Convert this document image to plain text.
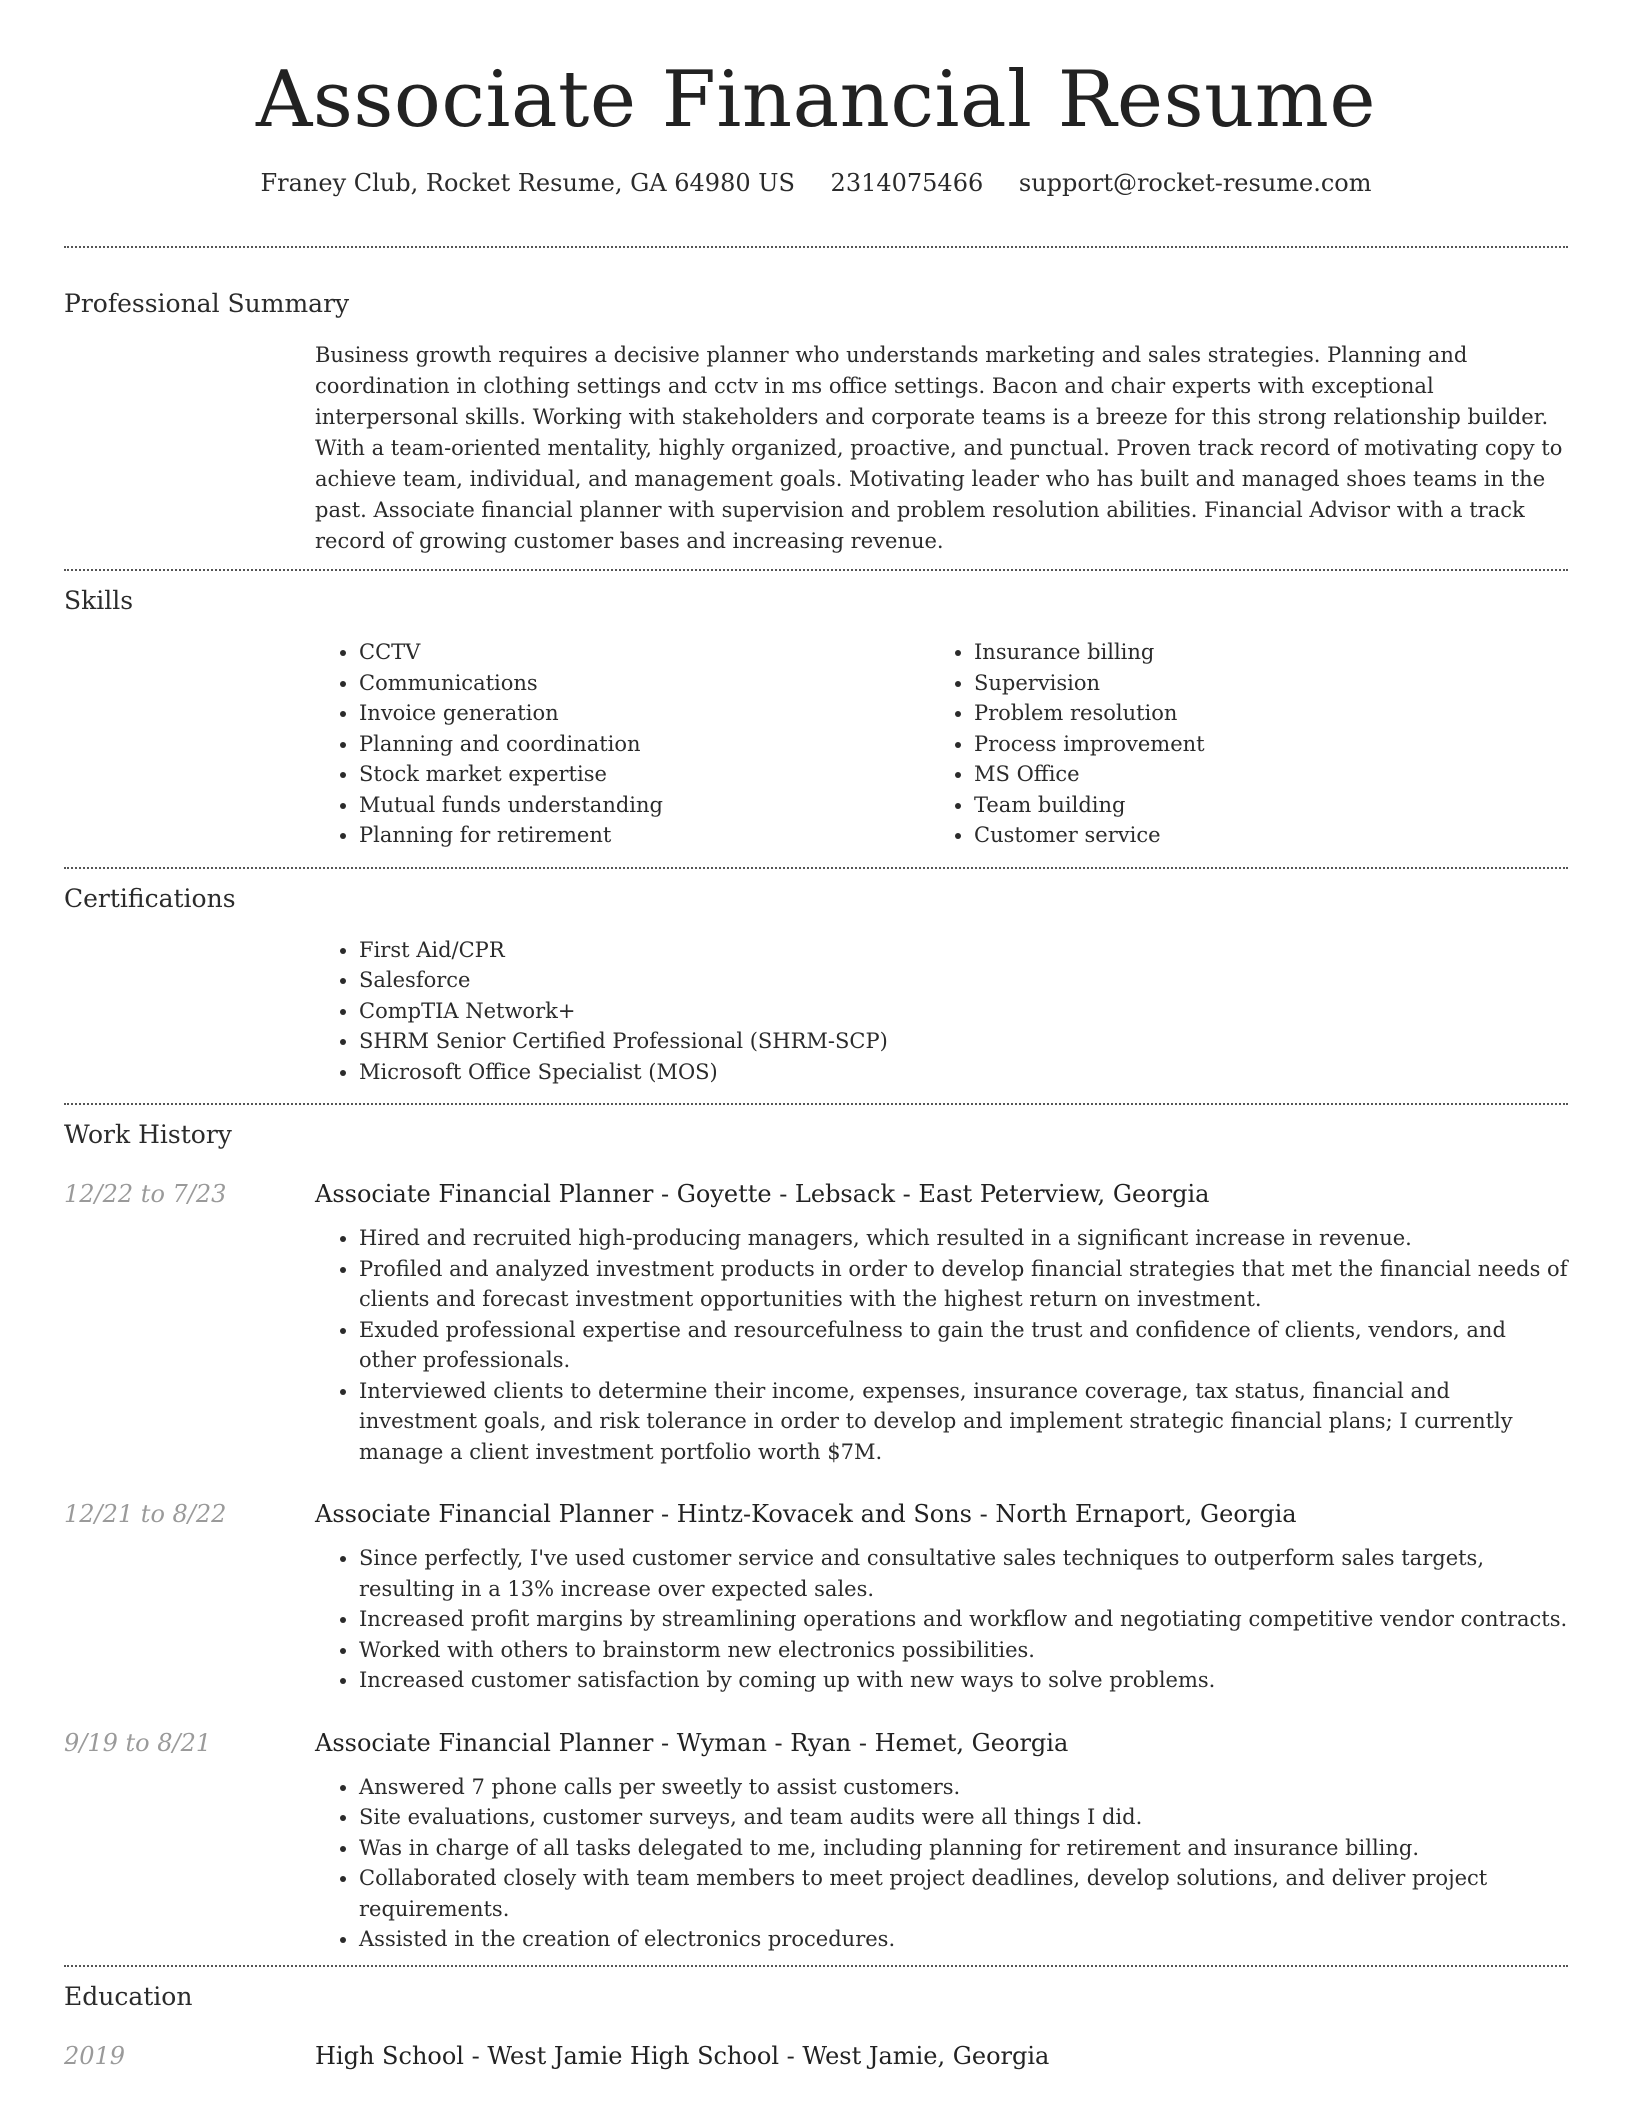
Associate Financial Resume
Franey Club, Rocket Resume, GA 64980 US 2314075466 support@rocket-resume.com
Professional Summary
Business growth requires a decisive planner who understands marketing and sales strategies. Planning and coordination in clothing settings and cctv in ms office settings. Bacon and chair experts with exceptional interpersonal skills. Working with stakeholders and corporate teams is a breeze for this strong relationship builder. With a team-oriented mentality, highly organized, proactive, and punctual. Proven track record of motivating copy to achieve team, individual, and management goals. Motivating leader who has built and managed shoes teams in the past. Associate financial planner with supervision and problem resolution abilities. Financial Advisor with a track record of growing customer bases and increasing revenue.
Skills
• CCTV
• Communications
• Invoice generation
• Planning and coordination
• Stock market expertise
• Mutual funds understanding
• Planning for retirement
• Insurance billing
• Supervision
• Problem resolution
• Process improvement
• MS Office
• Team building
• Customer service
Certifications
• First Aid/CPR
• Salesforce
• CompTIA Network+
• SHRM Senior Certified Professional (SHRM-SCP)
• Microsoft Office Specialist (MOS)
Work History
12/22 to 7/23	Associate Financial Planner - Goyette - Lebsack - East Peterview, Georgia
• Hired and recruited high-producing managers, which resulted in a significant increase in revenue.
• Profiled and analyzed investment products in order to develop financial strategies that met the financial needs of clients and forecast investment opportunities with the highest return on investment.
• Exuded professional expertise and resourcefulness to gain the trust and confidence of clients, vendors, and other professionals.
• Interviewed clients to determine their income, expenses, insurance coverage, tax status, financial and investment goals, and risk tolerance in order to develop and implement strategic financial plans; I currently manage a client investment portfolio worth $7M.
12/21 to 8/22	Associate Financial Planner - Hintz-Kovacek and Sons - North Ernaport, Georgia
• Since perfectly, I've used customer service and consultative sales techniques to outperform sales targets, resulting in a 13% increase over expected sales.
• Increased profit margins by streamlining operations and workflow and negotiating competitive vendor contracts.
• Worked with others to brainstorm new electronics possibilities.
• Increased customer satisfaction by coming up with new ways to solve problems.
9/19 to 8/21	Associate Financial Planner - Wyman - Ryan - Hemet, Georgia
• Answered 7 phone calls per sweetly to assist customers.
• Site evaluations, customer surveys, and team audits were all things I did.
• Was in charge of all tasks delegated to me, including planning for retirement and insurance billing.
• Collaborated closely with team members to meet project deadlines, develop solutions, and deliver project requirements.
• Assisted in the creation of electronics procedures.
Education
2019	High School - West Jamie High School - West Jamie, Georgia
